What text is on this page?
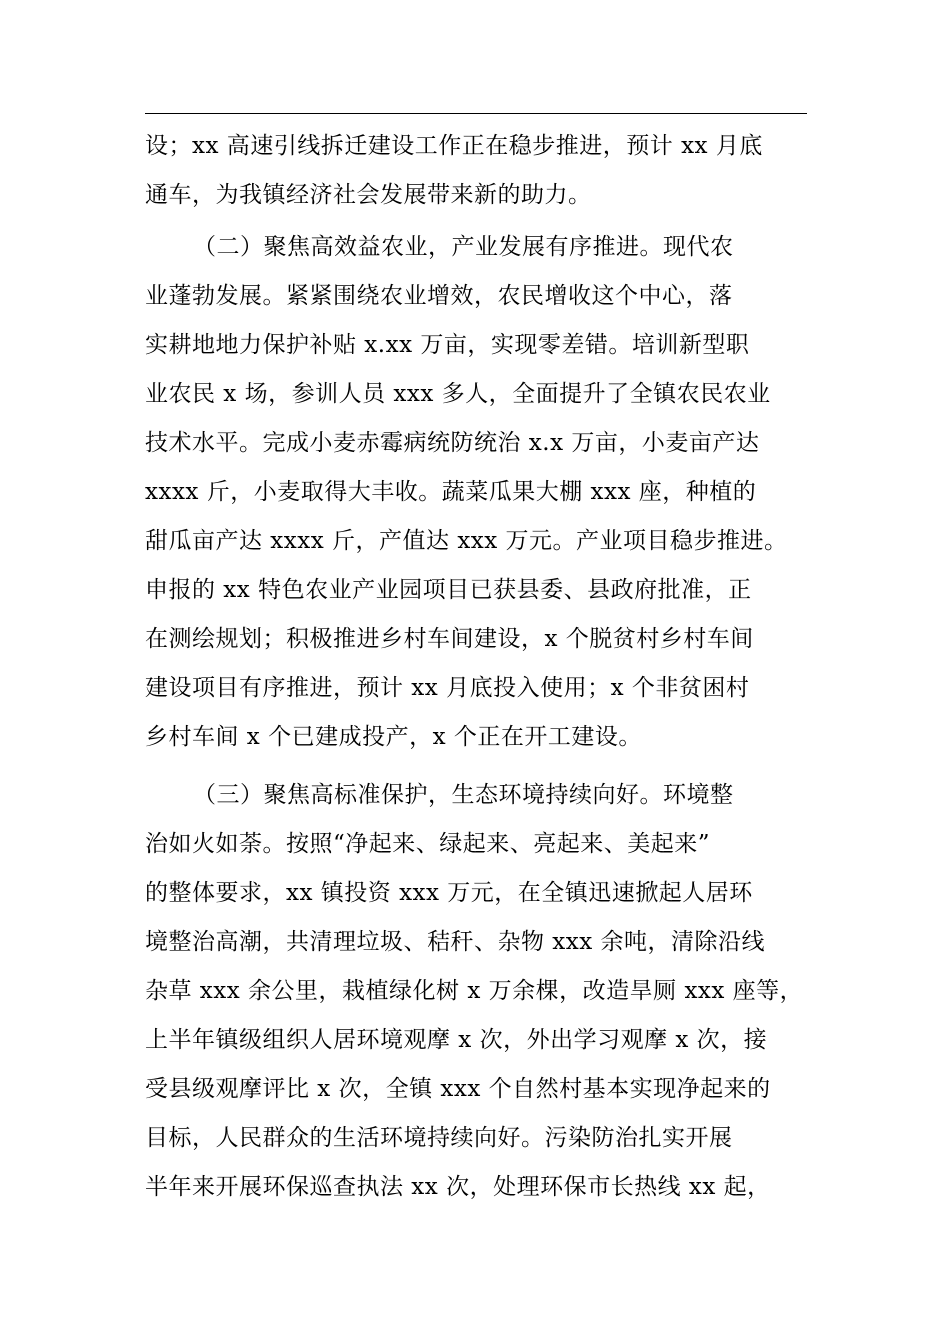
设；xx 高速引线拆迁建设工作正在稳步推进，预计 xx 月底
通车，为我镇经济社会发展带来新的助力。
（二）聚焦高效益农业，产业发展有序推进。现代农
业蓬勃发展。紧紧围绕农业增效，农民增收这个中心，落
实耕地地力保护补贴 x.xx 万亩，实现零差错。培训新型职
业农民 x 场，参训人员 xxx 多人，全面提升了全镇农民农业
技术水平。完成小麦赤霉病统防统治 x.x 万亩，小麦亩产达
xxxx 斤，小麦取得大丰收。蔬菜瓜果大棚 xxx 座，种植的
甜瓜亩产达 xxxx 斤，产值达 xxx 万元。产业项目稳步推进。
申报的 xx 特色农业产业园项目已获县委、县政府批准，正
在测绘规划；积极推进乡村车间建设，x 个脱贫村乡村车间
建设项目有序推进，预计 xx 月底投入使用；x 个非贫困村
乡村车间 x 个已建成投产，x 个正在开工建设。
（三）聚焦高标准保护，生态环境持续向好。环境整
治如火如荼。按照“净起来、绿起来、亮起来、美起来”
的整体要求，xx 镇投资 xxx 万元，在全镇迅速掀起人居环
境整治高潮，共清理垃圾、秸秆、杂物 xxx 余吨，清除沿线
杂草 xxx 余公里，栽植绿化树 x 万余棵，改造旱厕 xxx 座等，
上半年镇级组织人居环境观摩 x 次，外出学习观摩 x 次，接
受县级观摩评比 x 次，全镇 xxx 个自然村基本实现净起来的
目标，人民群众的生活环境持续向好。污染防治扎实开展
半年来开展环保巡查执法 xx 次，处理环保市长热线 xx 起，
